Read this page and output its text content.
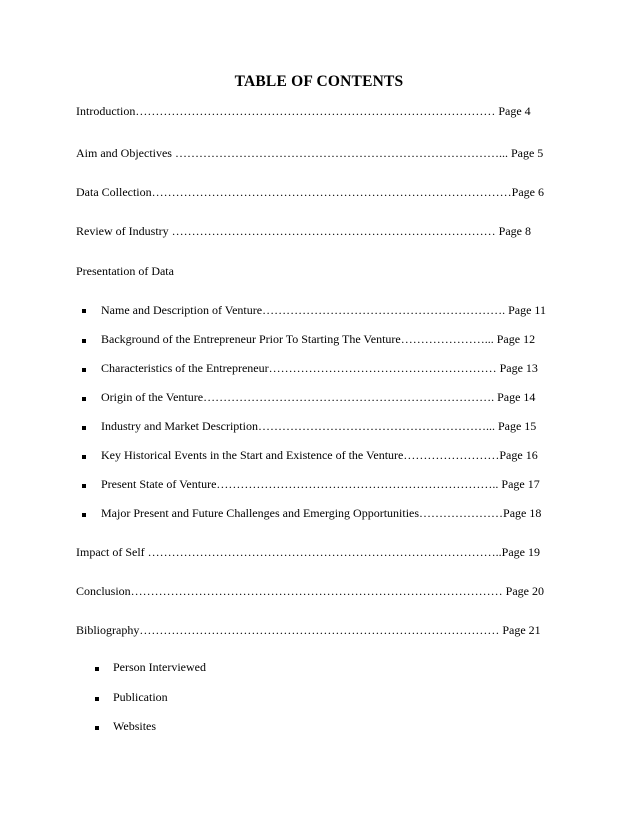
TABLE OF CONTENTS
Introduction……………………………………………………………………………… Page 4
Aim and Objectives ………………………………………………………………………... Page 5
Data Collection………………………………………………………………………………Page 6
Review of Industry ……………………………………………………………………… Page 8
Presentation of Data
Name and Description of Venture……………………………………………………. Page 11
Background of the Entrepreneur Prior To Starting The Venture…………………... Page 12
Characteristics of the Entrepreneur………………………………………………… Page 13
Origin of the Venture………………………………………………………………. Page 14
Industry and Market Description…………………………………………………... Page 15
Key Historical Events in the Start and Existence of the Venture……………………Page 16
Present State of Venture…………………………………………………………….. Page 17
Major Present and Future Challenges and Emerging Opportunities…………………Page 18
Impact of Self ……………………………………………………………………………..Page 19
Conclusion………………………………………………………………………………… Page 20
Bibliography……………………………………………………………………………… Page 21
Person Interviewed
Publication
Websites
